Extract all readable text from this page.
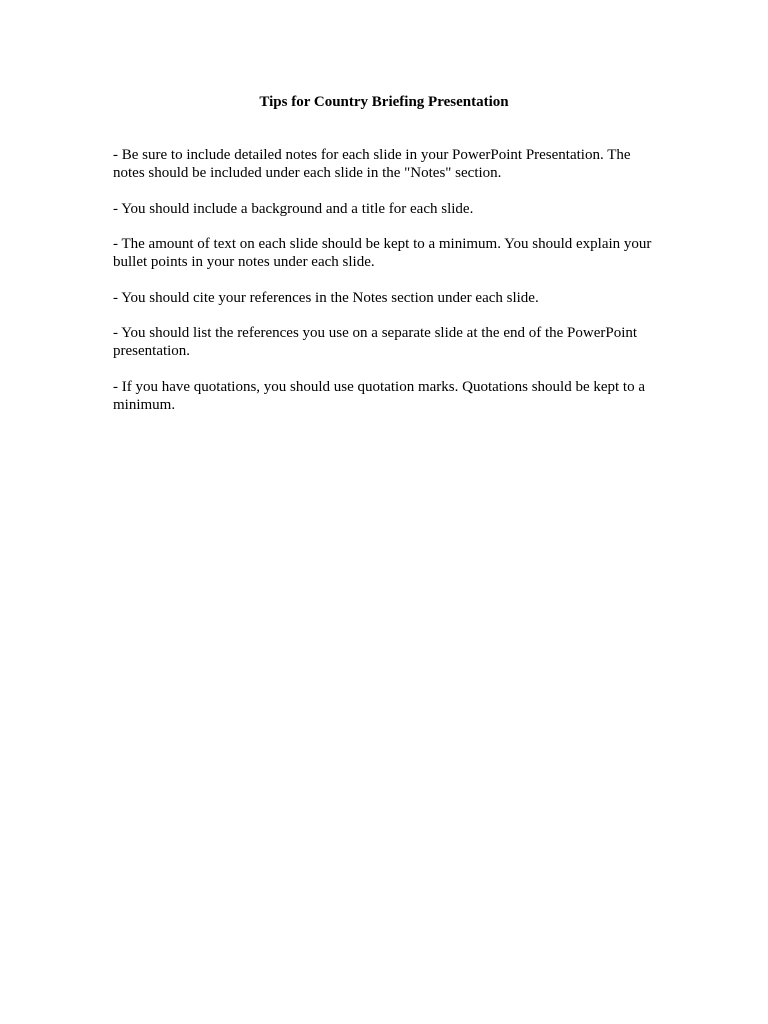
Tips for Country Briefing Presentation
- Be sure to include detailed notes for each slide in your PowerPoint Presentation. The notes should be included under each slide in the "Notes" section.
- You should include a background and a title for each slide.
- The amount of text on each slide should be kept to a minimum. You should explain your bullet points in your notes under each slide.
- You should cite your references in the Notes section under each slide.
- You should list the references you use on a separate slide at the end of the PowerPoint presentation.
- If you have quotations, you should use quotation marks. Quotations should be kept to a minimum.
